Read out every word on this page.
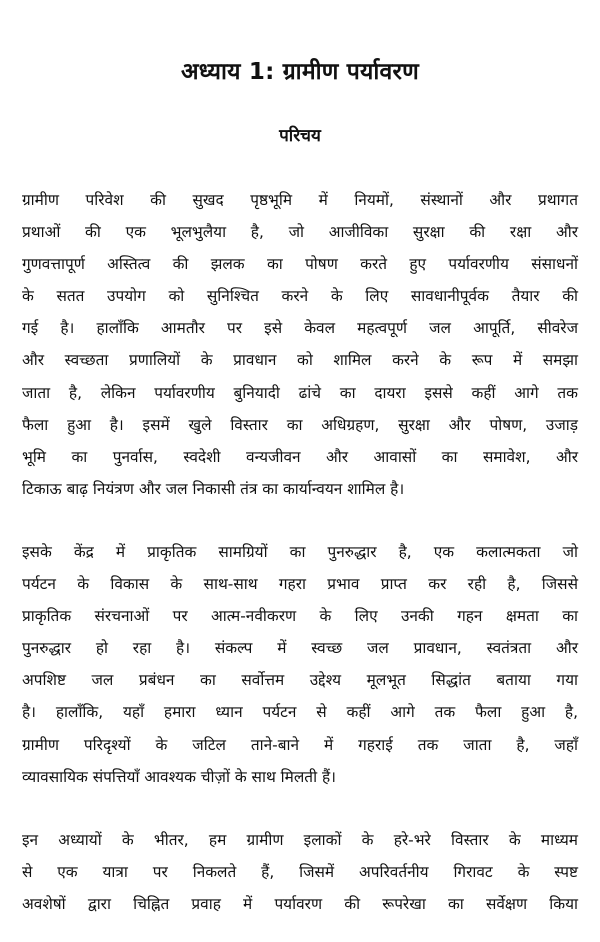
अध्याय 1: ग्रामीण पर्यावरण
परिचय

ग्रामीण परिवेश की सुखद पृष्ठभूमि में नियमों, संस्थानों और प्रथागत
प्रथाओं की एक भूलभुलैया है, जो आजीविका सुरक्षा की रक्षा और
गुणवत्तापूर्ण अस्तित्व की झलक का पोषण करते हुए पर्यावरणीय संसाधनों
के सतत उपयोग को सुनिश्चित करने के लिए सावधानीपूर्वक तैयार की
गई है। हालाँकि आमतौर पर इसे केवल महत्वपूर्ण जल आपूर्ति, सीवरेज
और स्वच्छता प्रणालियों के प्रावधान को शामिल करने के रूप में समझा
जाता है, लेकिन पर्यावरणीय बुनियादी ढांचे का दायरा इससे कहीं आगे तक
फैला हुआ है। इसमें खुले विस्तार का अधिग्रहण, सुरक्षा और पोषण, उजाड़
भूमि का पुनर्वास, स्वदेशी वन्यजीवन और आवासों का समावेश, और
टिकाऊ बाढ़ नियंत्रण और जल निकासी तंत्र का कार्यान्वयन शामिल है।

इसके केंद्र में प्राकृतिक सामग्रियों का पुनरुद्धार है, एक कलात्मकता जो
पर्यटन के विकास के साथ-साथ गहरा प्रभाव प्राप्त कर रही है, जिससे
प्राकृतिक संरचनाओं पर आत्म-नवीकरण के लिए उनकी गहन क्षमता का
पुनरुद्धार हो रहा है। संकल्प में स्वच्छ जल प्रावधान, स्वतंत्रता और
अपशिष्ट जल प्रबंधन का सर्वोत्तम उद्देश्य मूलभूत सिद्धांत बताया गया
है। हालाँकि, यहाँ हमारा ध्यान पर्यटन से कहीं आगे तक फैला हुआ है,
ग्रामीण परिदृश्यों के जटिल ताने-बाने में गहराई तक जाता है, जहाँ
व्यावसायिक संपत्तियाँ आवश्यक चीज़ों के साथ मिलती हैं।

इन अध्यायों के भीतर, हम ग्रामीण इलाकों के हरे-भरे विस्तार के माध्यम
से एक यात्रा पर निकलते हैं, जिसमें अपरिवर्तनीय गिरावट के स्पष्ट
अवशेषों द्वारा चिह्नित प्रवाह में पर्यावरण की रूपरेखा का सर्वेक्षण किया
